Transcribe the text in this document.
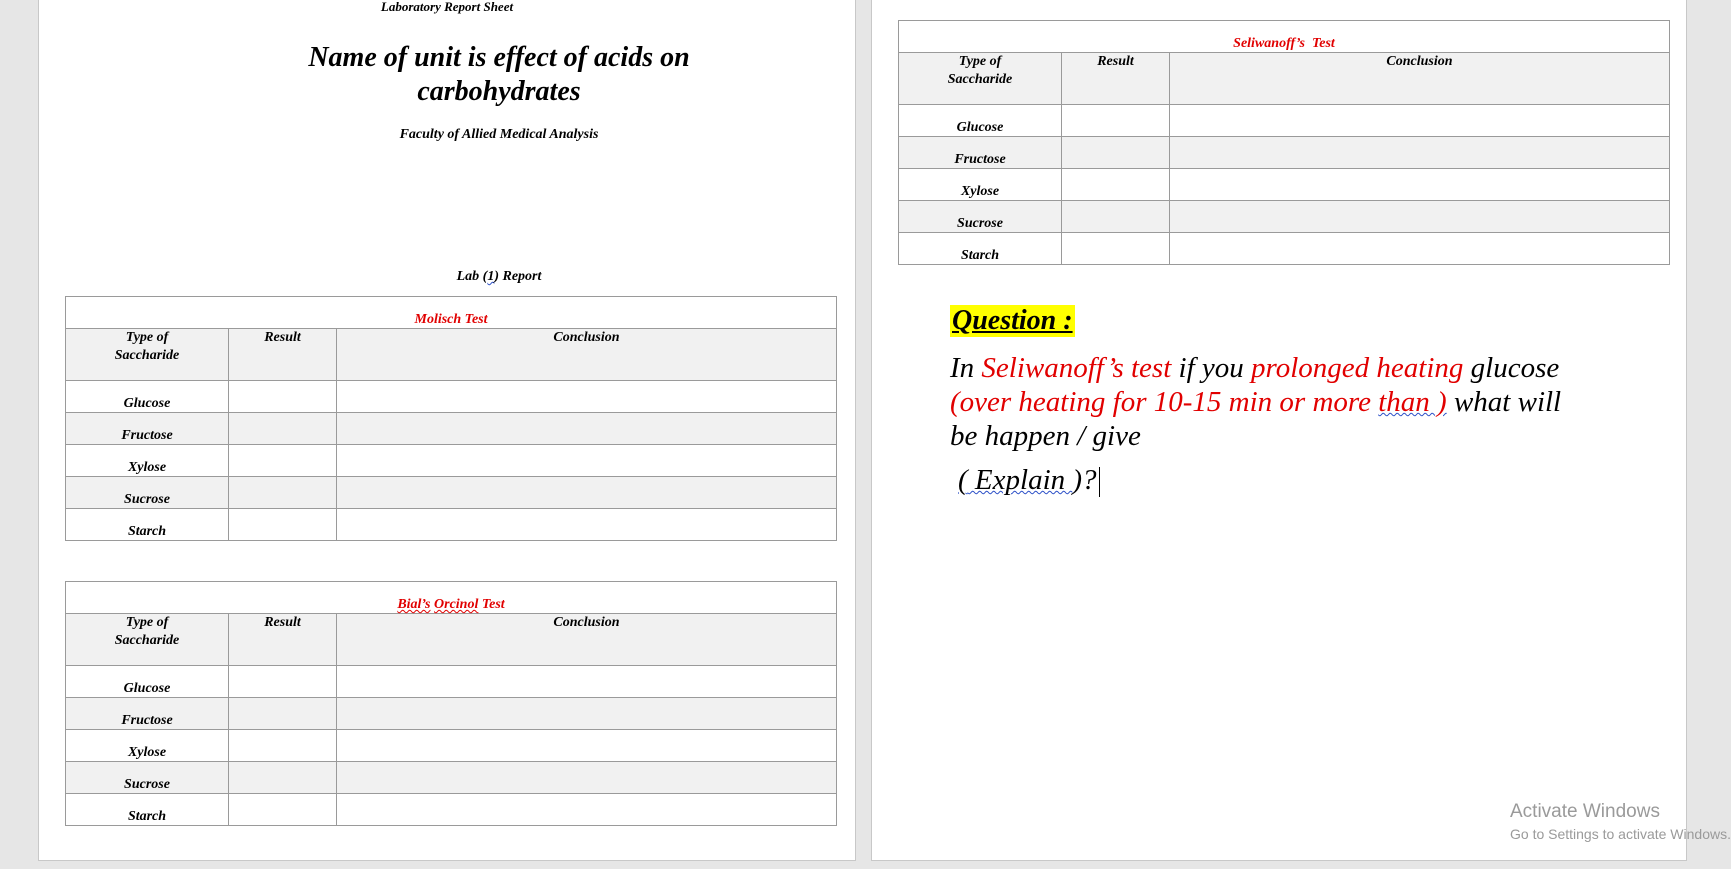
Laboratory Report Sheet
Name of unit is effect of acids on
carbohydrates
Faculty of Allied Medical Analysis
Lab (1) Report
Molisch Test		
Type of
Saccharide	Result	Conclusion
Glucose		
Fructose		
Xylose		
Sucrose		
Starch		
Bial’s Orcinol Test		
Type of
Saccharide	Result	Conclusion
Glucose		
Fructose		
Xylose		
Sucrose		
Starch		
Seliwanoff’s  Test		
Type of
Saccharide	Result	Conclusion
Glucose		
Fructose		
Xylose		
Sucrose		
Starch		
Question :
In Seliwanoff’s test if you prolonged heating glucose (over heating for 10-15 min or more than ) what will be happen / give
( Explain )?
Activate Windows
Go to Settings to activate Windows.
